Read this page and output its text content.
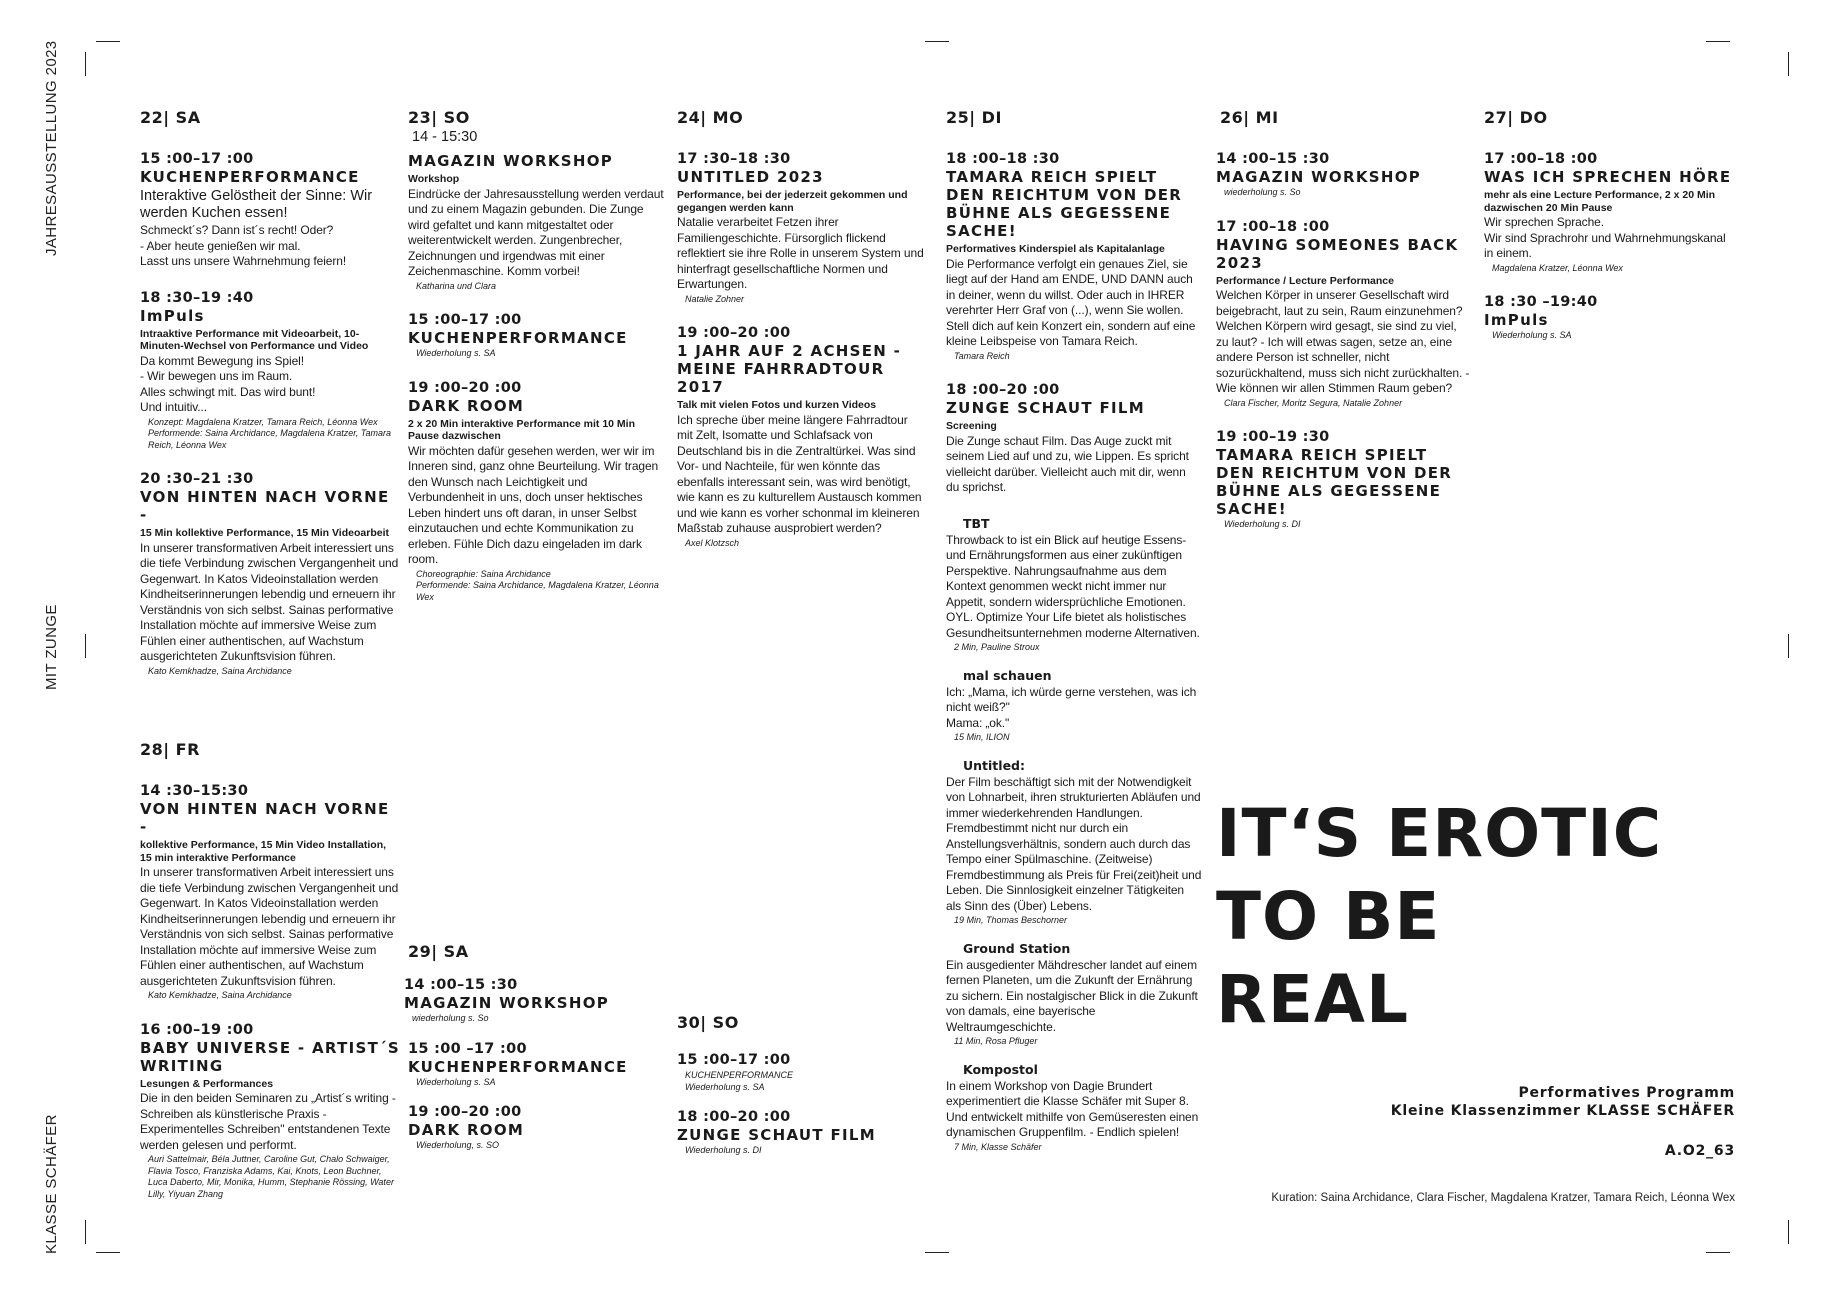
JAHRESAUSSTELLUNG 2023
MIT ZUNGE
KLASSE SCHÄFER
22| SA
15 :00–17 :00
KUCHENPERFORMANCE
Interaktive Gelöstheit der Sinne: Wir werden Kuchen essen!
Schmeckt´s? Dann ist´s recht! Oder?
- Aber heute genießen wir mal.
Lasst uns unsere Wahrnehmung feiern!
18 :30–19 :40
ImPuls
Intraaktive Performance mit Videoarbeit, 10-Minuten-Wechsel von Performance und Video
Da kommt Bewegung ins Spiel!
- Wir bewegen uns im Raum.
Alles schwingt mit. Das wird bunt!
Und intuitiv...
Konzept: Magdalena Kratzer, Tamara Reich, Léonna Wex
Performende: Saina Archidance, Magdalena Kratzer, Tamara Reich, Léonna Wex
20 :30–21 :30
VON HINTEN NACH VORNE -
15 Min kollektive Performance, 15 Min Videoarbeit
In unserer transformativen Arbeit interessiert uns die tiefe Verbindung zwischen Vergangenheit und Gegenwart. In Katos Videoinstallation werden Kindheitserinnerungen lebendig und erneuern ihr Verständnis von sich selbst. Sainas performative Installation möchte auf immersive Weise zum Fühlen einer authentischen, auf Wachstum ausgerichteten Zukunftsvision führen.
Kato Kemkhadze, Saina Archidance
23| SO
14 - 15:30
MAGAZIN WORKSHOP
Workshop
Eindrücke der Jahresausstellung werden verdaut und zu einem Magazin gebunden. Die Zunge wird gefaltet und kann mitgestaltet oder weiterentwickelt werden. Zungenbrecher, Zeichnungen und irgendwas mit einer Zeichenmaschine. Komm vorbei!
Katharina und Clara
15 :00–17 :00
KUCHENPERFORMANCE
Wiederholung s. SA
19 :00–20 :00
DARK ROOM
2 x 20 Min interaktive Performance mit 10 Min Pause dazwischen
Wir möchten dafür gesehen werden, wer wir im Inneren sind, ganz ohne Beurteilung. Wir tragen den Wunsch nach Leichtigkeit und Verbundenheit in uns, doch unser hektisches Leben hindert uns oft daran, in unser Selbst einzutauchen und echte Kommunikation zu erleben. Fühle Dich dazu eingeladen im dark room.
Choreographie: Saina Archidance
Performende: Saina Archidance, Magdalena Kratzer, Léonna Wex
24| MO
17 :30–18 :30
UNTITLED 2023
Performance, bei der jederzeit gekommen und gegangen werden kann
Natalie verarbeitet Fetzen ihrer Familiengeschichte. Fürsorglich flickend reflektiert sie ihre Rolle in unserem System und hinterfragt gesellschaftliche Normen und Erwartungen.
Natalie Zohner
19 :00–20 :00
1 JAHR AUF 2 ACHSEN - MEINE FAHRRADTOUR 2017
Talk mit vielen Fotos und kurzen Videos
Ich spreche über meine längere Fahrradtour mit Zelt, Isomatte und Schlafsack von Deutschland bis in die Zentraltürkei. Was sind Vor- und Nachteile, für wen könnte das ebenfalls interessant sein, was wird benötigt, wie kann es zu kulturellem Austausch kommen und wie kann es vorher schonmal im kleineren Maßstab zuhause ausprobiert werden?
Axel Klotzsch
25| DI
18 :00–18 :30
TAMARA REICH SPIELT DEN REICHTUM VON DER BÜHNE ALS GEGESSENE SACHE!
Performatives Kinderspiel als Kapitalanlage
Die Performance verfolgt ein genaues Ziel, sie liegt auf der Hand am ENDE, UND DANN auch in deiner, wenn du willst. Oder auch in IHRER verehrter Herr Graf von (...), wenn Sie wollen. Stell dich auf kein Konzert ein, sondern auf eine kleine Leibspeise von Tamara Reich.
Tamara Reich
18 :00–20 :00
ZUNGE SCHAUT FILM
Screening
Die Zunge schaut Film. Das Auge zuckt mit seinem Lied auf und zu, wie Lippen. Es spricht vielleicht darüber. Vielleicht auch mit dir, wenn du sprichst.
TBT
Throwback to ist ein Blick auf heutige Essens- und Ernährungsformen aus einer zukünftigen Perspektive. Nahrungsaufnahme aus dem Kontext genommen weckt nicht immer nur Appetit, sondern widersprüchliche Emotionen. OYL. Optimize Your Life bietet als holistisches Gesundheitsunternehmen moderne Alternativen.
2 Min, Pauline Stroux
mal schauen
Ich: „Mama, ich würde gerne verstehen, was ich nicht weiß?"
Mama: „ok."
15 Min, ILION
Untitled:
Der Film beschäftigt sich mit der Notwendigkeit von Lohnarbeit, ihren strukturierten Abläufen und immer wiederkehrenden Handlungen. Fremdbestimmt nicht nur durch ein Anstellungsverhältnis, sondern auch durch das Tempo einer Spülmaschine. (Zeitweise) Fremdbestimmung als Preis für Frei(zeit)heit und Leben. Die Sinnlosigkeit einzelner Tätigkeiten als Sinn des (Über) Lebens.
19 Min, Thomas Beschorner
Ground Station
Ein ausgedienter Mähdrescher landet auf einem fernen Planeten, um die Zukunft der Ernährung zu sichern. Ein nostalgischer Blick in die Zukunft von damals, eine bayerische Weltraumgeschichte.
11 Min, Rosa Pfluger
Kompostol
In einem Workshop von Dagie Brundert experimentiert die Klasse Schäfer mit Super 8. Und entwickelt mithilfe von Gemüseresten einen dynamischen Gruppenfilm. - Endlich spielen!
7 Min, Klasse Schäfer
26| MI
14 :00–15 :30
MAGAZIN WORKSHOP
wiederholung s. So
17 :00–18 :00
HAVING SOMEONES BACK 2023
Performance / Lecture Performance
Welchen Körper in unserer Gesellschaft wird beigebracht, laut zu sein, Raum einzunehmen? Welchen Körpern wird gesagt, sie sind zu viel, zu laut? - Ich will etwas sagen, setze an, eine andere Person ist schneller, nicht sozurückhaltend, muss sich nicht zurückhalten. - Wie können wir allen Stimmen Raum geben?
Clara Fischer, Moritz Segura, Natalie Zohner
19 :00–19 :30
TAMARA REICH SPIELT DEN REICHTUM VON DER BÜHNE ALS GEGESSENE SACHE!
Wiederholung s. DI
27| DO
17 :00–18 :00
WAS ICH SPRECHEN HÖRE
mehr als eine Lecture Performance, 2 x 20 Min dazwischen 20 Min Pause
Wir sprechen Sprache.
Wir sind Sprachrohr und Wahrnehmungskanal in einem.
Magdalena Kratzer, Léonna Wex
18 :30 –19:40
ImPuls
Wiederholung s. SA
28| FR
14 :30–15:30
VON HINTEN NACH VORNE -
kollektive Performance, 15 Min Video Installation, 15 min interaktive Performance
In unserer transformativen Arbeit interessiert uns die tiefe Verbindung zwischen Vergangenheit und Gegenwart. In Katos Videoinstallation werden Kindheitserinnerungen lebendig und erneuern ihr Verständnis von sich selbst. Sainas performative Installation möchte auf immersive Weise zum Fühlen einer authentischen, auf Wachstum ausgerichteten Zukunftsvision führen.
Kato Kemkhadze, Saina Archidance
16 :00–19 :00
BABY UNIVERSE - ARTIST´S WRITING
Lesungen & Performances
Die in den beiden Seminaren zu „Artist´s writing - Schreiben als künstlerische Praxis - Experimentelles Schreiben" entstandenen Texte werden gelesen und performt.
Auri Sattelmair, Béla Juttner, Caroline Gut, Chalo Schwaiger, Flavia Tosco, Franziska Adams, Kai, Knots, Leon Buchner, Luca Daberto, Mir, Monika, Humm, Stephanie Rössing, Water Lilly, Yiyuan Zhang
29| SA
14 :00–15 :30
MAGAZIN WORKSHOP
wiederholung s. So
15 :00 –17 :00
KUCHENPERFORMANCE
Wiederholung s. SA
19 :00–20 :00
DARK ROOM
Wiederholung, s. SO
30| SO
15 :00–17 :00
KUCHENPERFORMANCE
Wiederholung s. SA
18 :00–20 :00
ZUNGE SCHAUT FILM
Wiederholung s. DI
IT‘S EROTIC
TO BE
REAL
Performatives Programm
Kleine Klassenzimmer KLASSE SCHÄFER
A.O2_63
Kuration: Saina Archidance, Clara Fischer, Magdalena Kratzer, Tamara Reich, Léonna Wex
